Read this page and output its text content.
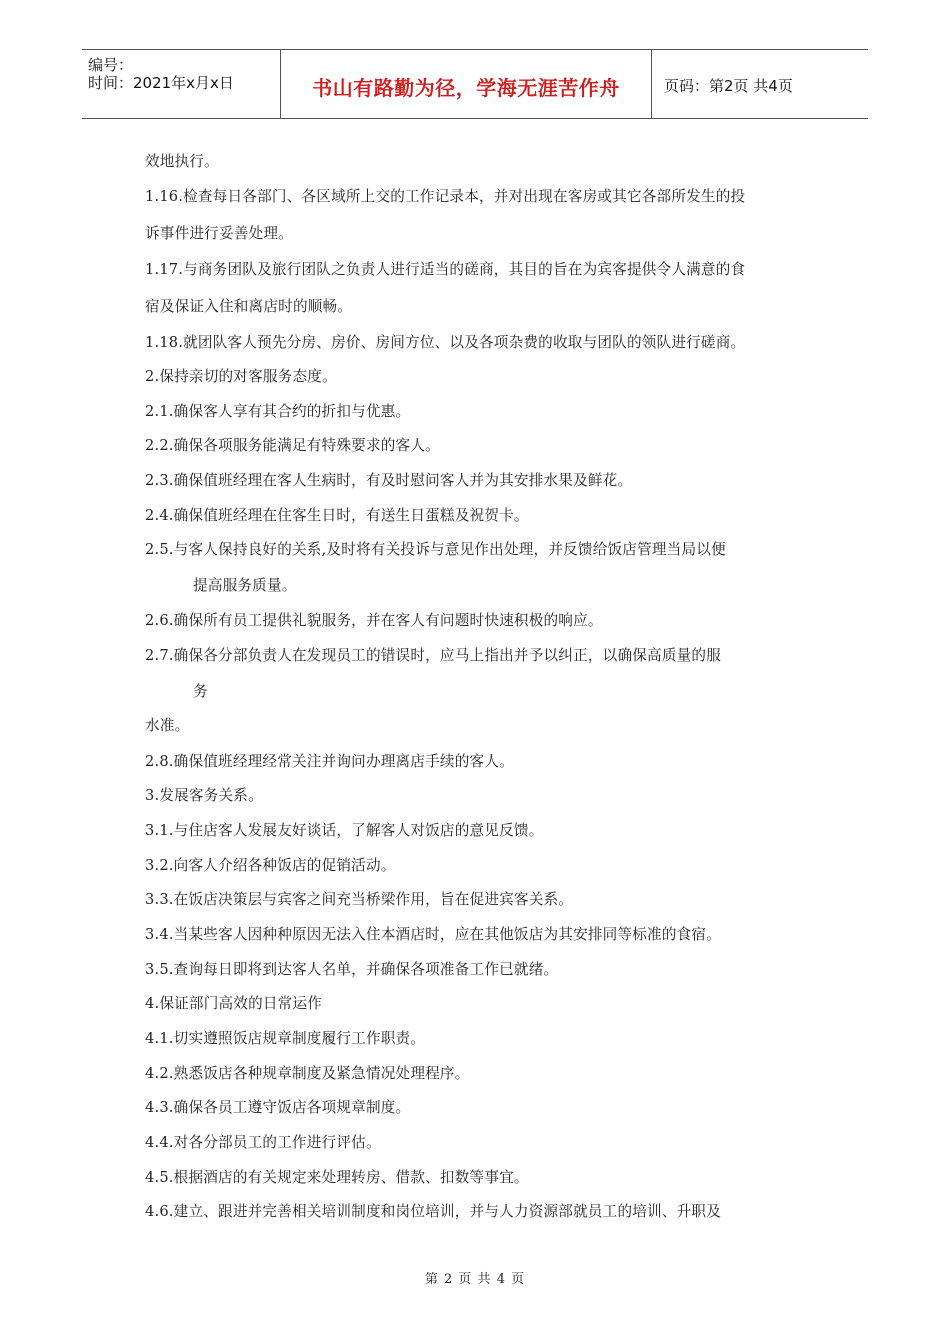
编号：
时间：2021年x月x日	书山有路勤为径，学海无涯苦作舟	页码：第2页 共4页
效地执行。
1.16.检查每日各部门、各区域所上交的工作记录本，并对出现在客房或其它各部所发生的投
诉事件进行妥善处理。
1.17.与商务团队及旅行团队之负责人进行适当的磋商，其目的旨在为宾客提供令人满意的食
宿及保证入住和离店时的顺畅。
1.18.就团队客人预先分房、房价、房间方位、以及各项杂费的收取与团队的领队进行磋商。
2.保持亲切的对客服务态度。
2.1.确保客人享有其合约的折扣与优惠。
2.2.确保各项服务能满足有特殊要求的客人。
2.3.确保值班经理在客人生病时，有及时慰问客人并为其安排水果及鲜花。
2.4.确保值班经理在住客生日时，有送生日蛋糕及祝贺卡。
2.5.与客人保持良好的关系,及时将有关投诉与意见作出处理，并反馈给饭店管理当局以便
提高服务质量。
2.6.确保所有员工提供礼貌服务，并在客人有问题时快速积极的响应。
2.7.确保各分部负责人在发现员工的错误时，应马上指出并予以纠正，以确保高质量的服
务
水准。
2.8.确保值班经理经常关注并询问办理离店手续的客人。
3.发展客务关系。
3.1.与住店客人发展友好谈话，了解客人对饭店的意见反馈。
3.2.向客人介绍各种饭店的促销活动。
3.3.在饭店决策层与宾客之间充当桥梁作用，旨在促进宾客关系。
3.4.当某些客人因种种原因无法入住本酒店时，应在其他饭店为其安排同等标准的食宿。
3.5.查询每日即将到达客人名单，并确保各项准备工作已就绪。
4.保证部门高效的日常运作
4.1.切实遵照饭店规章制度履行工作职责。
4.2.熟悉饭店各种规章制度及紧急情况处理程序。
4.3.确保各员工遵守饭店各项规章制度。
4.4.对各分部员工的工作进行评估。
4.5.根据酒店的有关规定来处理转房、借款、扣数等事宜。
4.6.建立、跟进并完善相关培训制度和岗位培训，并与人力资源部就员工的培训、升职及
第 2 页 共 4 页
